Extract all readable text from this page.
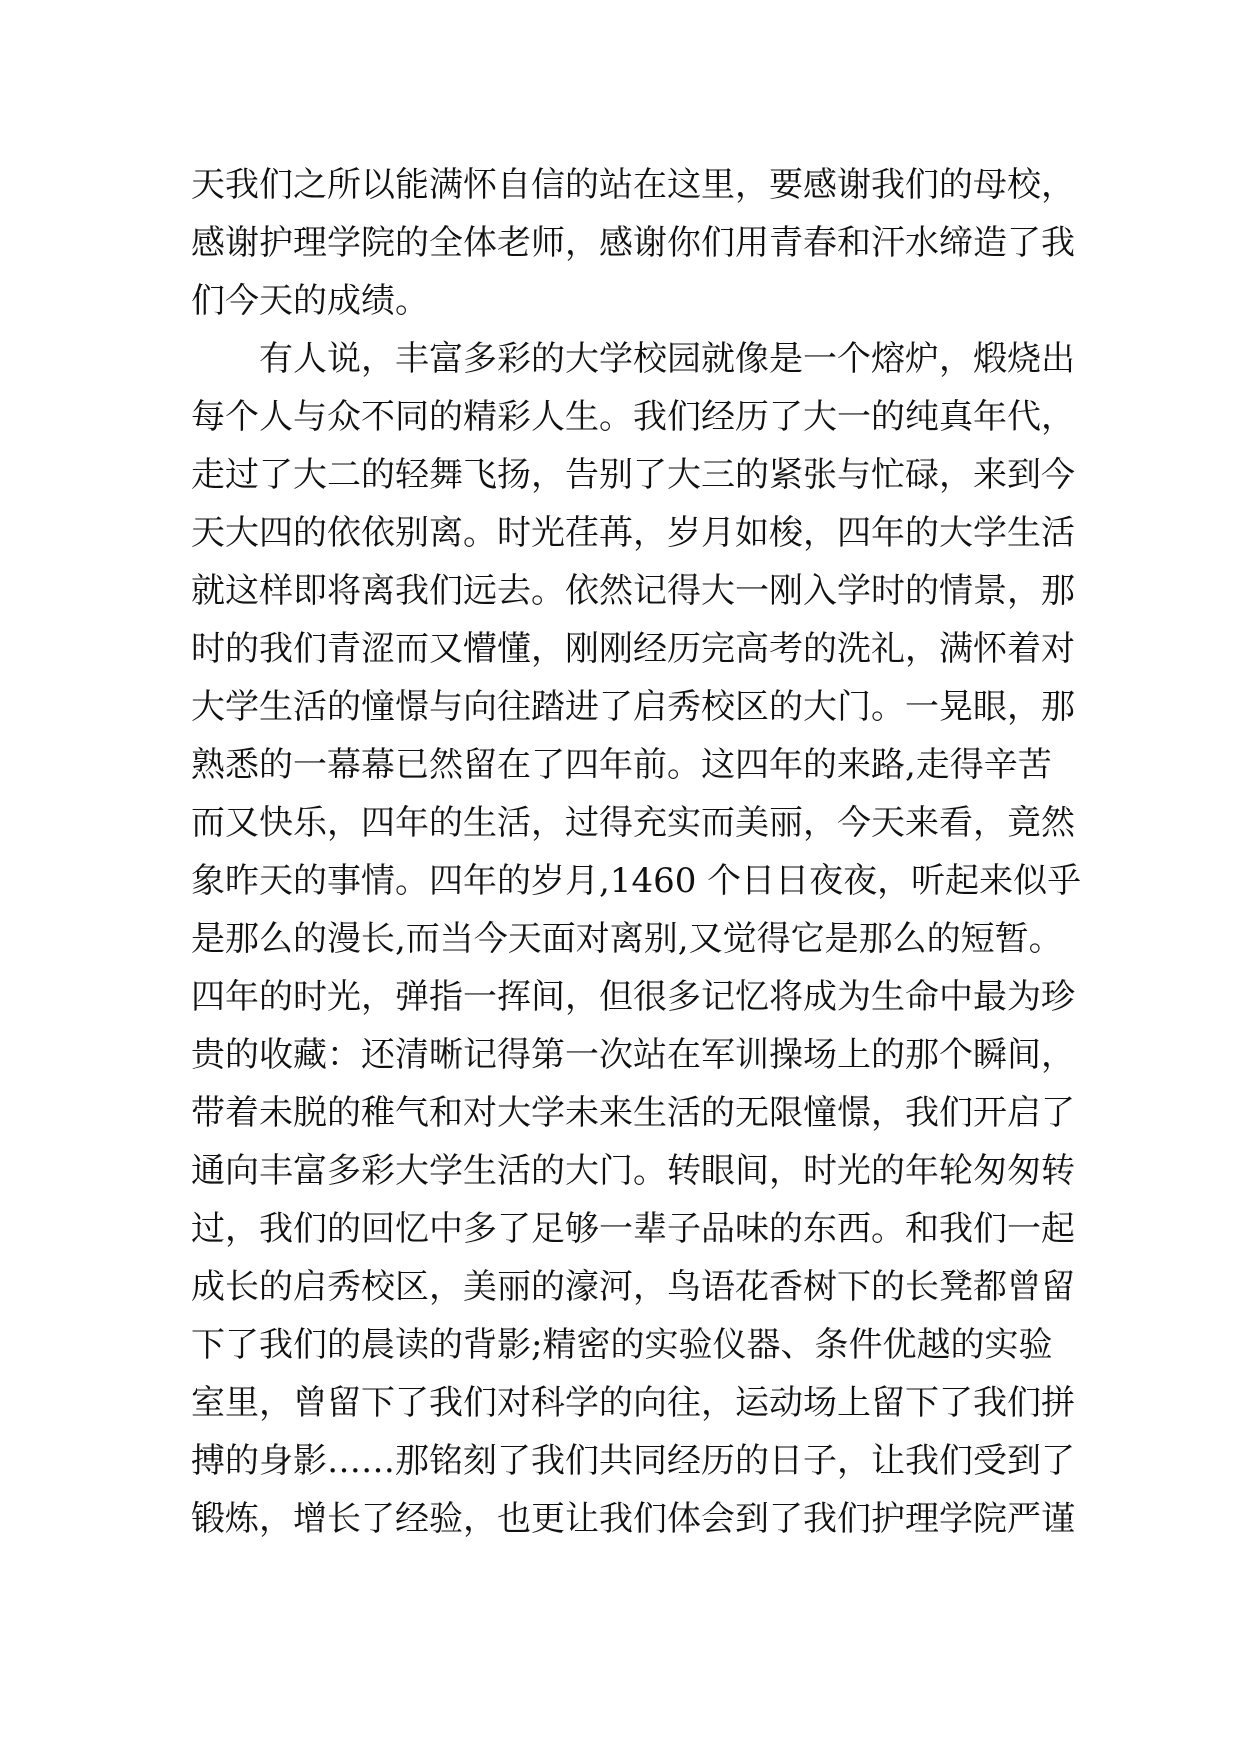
天我们之所以能满怀自信的站在这里，要感谢我们的母校，
感谢护理学院的全体老师，感谢你们用青春和汗水缔造了我
们今天的成绩。
有人说，丰富多彩的大学校园就像是一个熔炉，煅烧出
每个人与众不同的精彩人生。我们经历了大一的纯真年代，
走过了大二的轻舞飞扬，告别了大三的紧张与忙碌，来到今
天大四的依依别离。时光荏苒，岁月如梭，四年的大学生活
就这样即将离我们远去。依然记得大一刚入学时的情景，那
时的我们青涩而又懵懂，刚刚经历完高考的洗礼，满怀着对
大学生活的憧憬与向往踏进了启秀校区的大门。一晃眼，那
熟悉的一幕幕已然留在了四年前。这四年的来路,走得辛苦
而又快乐，四年的生活，过得充实而美丽，今天来看，竟然
象昨天的事情。四年的岁月,1460 个日日夜夜，听起来似乎
是那么的漫长,而当今天面对离别,又觉得它是那么的短暂。
四年的时光，弹指一挥间，但很多记忆将成为生命中最为珍
贵的收藏：还清晰记得第一次站在军训操场上的那个瞬间，
带着未脱的稚气和对大学未来生活的无限憧憬，我们开启了
通向丰富多彩大学生活的大门。转眼间，时光的年轮匆匆转
过，我们的回忆中多了足够一辈子品味的东西。和我们一起
成长的启秀校区，美丽的濠河，鸟语花香树下的长凳都曾留
下了我们的晨读的背影;精密的实验仪器、条件优越的实验
室里，曾留下了我们对科学的向往，运动场上留下了我们拼
搏的身影……那铭刻了我们共同经历的日子，让我们受到了
锻炼，增长了经验，也更让我们体会到了我们护理学院严谨
